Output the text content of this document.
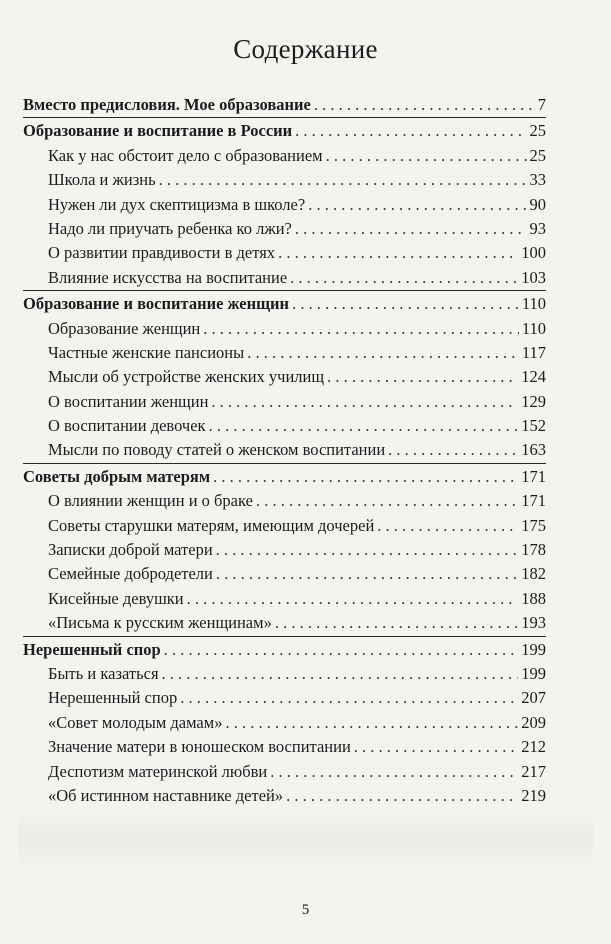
Содержание
Вместо предисловия. Мое образование . . .	7
Образование и воспитание в России . . .	25
Как у нас обстоит дело с образованием . . .	25
Школа и жизнь . . .	33
Нужен ли дух скептицизма в школе? . . .	90
Надо ли приучать ребенка ко лжи? . . .	93
О развитии правдивости в детях . . .	100
Влияние искусства на воспитание . . .	103
Образование и воспитание женщин . . .	110
Образование женщин . . .	110
Частные женские пансионы . . .	117
Мысли об устройстве женских училищ . . .	124
О воспитании женщин . . .	129
О воспитании девочек . . .	152
Мысли по поводу статей о женском воспитании . . .	163
Советы добрым матерям . . .	171
О влиянии женщин и о браке . . .	171
Советы старушки матерям, имеющим дочерей . . .	175
Записки доброй матери . . .	178
Семейные добродетели . . .	182
Кисейные девушки . . .	188
«Письма к русским женщинам» . . .	193
Нерешенный спор . . .	199
Быть и казаться . . .	199
Нерешенный спор . . .	207
«Совет молодым дамам» . . .	209
Значение матери в юношеском воспитании . . .	212
Деспотизм материнской любви . . .	217
«Об истинном наставнике детей» . . .	219
5
